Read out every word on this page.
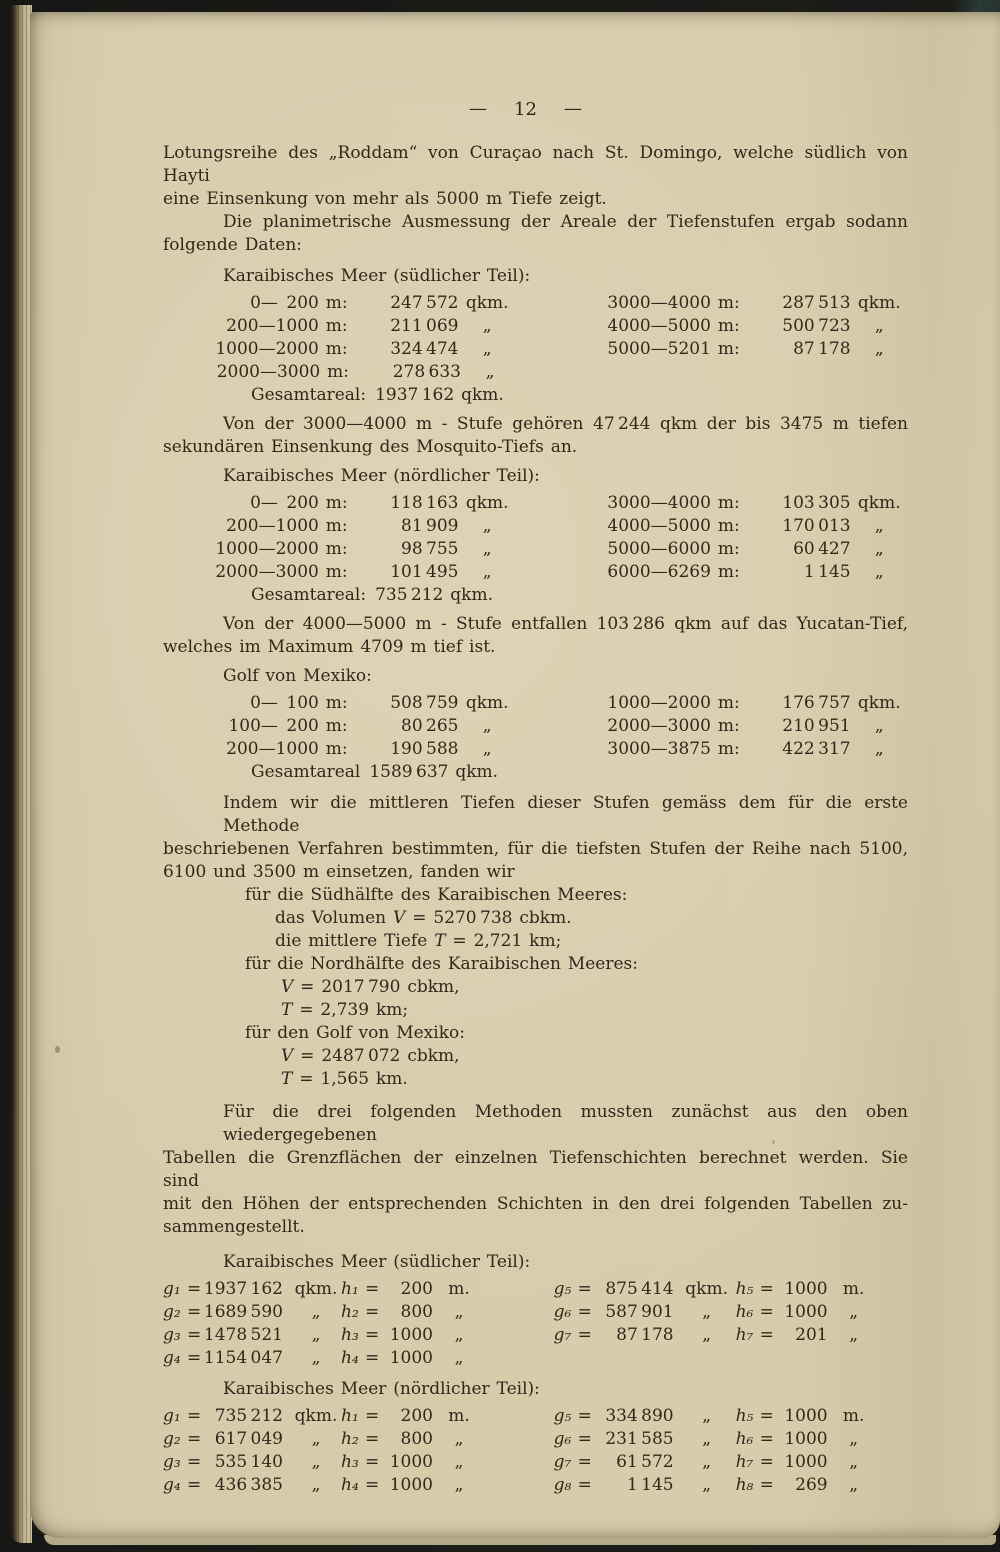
— 12 —

Lotungsreihe des „Roddam“ von Curaçao nach St. Domingo, welche südlich von Hayti
eine Einsenkung von mehr als 5000 m Tiefe zeigt.

Die planimetrische Ausmessung der Areale der Tiefenstufen ergab sodann
folgende Daten:

Karaibisches Meer (südlicher Teil):
0— 200 m:	247 572 qkm.	3000—4000 m:	287 513 qkm.
200—1000 m:	211 069	„	4000—5000 m:	500 723	„
1000—2000 m:	324 474	„	5000—5201 m:	87 178	„
2000—3000 m:	278 633	„
Gesamtareal: 1937 162 qkm.

Von der 3000—4000 m - Stufe gehören 47 244 qkm der bis 3475 m tiefen
sekundären Einsenkung des Mosquito-Tiefs an.

Karaibisches Meer (nördlicher Teil):
0— 200 m:	118 163 qkm.	3000—4000 m:	103 305 qkm.
200—1000 m:	81 909	„	4000—5000 m:	170 013	„
1000—2000 m:	98 755	„	5000—6000 m:	60 427	„
2000—3000 m:	101 495	„	6000—6269 m:	1 145	„
Gesamtareal: 735 212 qkm.

Von der 4000—5000 m - Stufe entfallen 103 286 qkm auf das Yucatan-Tief,
welches im Maximum 4709 m tief ist.

Golf von Mexiko:
0— 100 m:	508 759 qkm.	1000—2000 m:	176 757 qkm.
100— 200 m:	80 265	„	2000—3000 m:	210 951	„
200—1000 m:	190 588	„	3000—3875 m:	422 317	„
Gesamtareal 1589 637 qkm.

Indem wir die mittleren Tiefen dieser Stufen gemäss dem für die erste Methode
beschriebenen Verfahren bestimmten, für die tiefsten Stufen der Reihe nach 5100,
6100 und 3500 m einsetzen, fanden wir

für die Südhälfte des Karaibischen Meeres:
das Volumen V = 5270 738 cbkm.
die mittlere Tiefe T = 2,721 km;
für die Nordhälfte des Karaibischen Meeres:
V = 2017 790 cbkm,
T = 2,739 km;
für den Golf von Mexiko:
V = 2487 072 cbkm,
T = 1,565 km.

Für die drei folgenden Methoden mussten zunächst aus den oben wiedergegebenen
Tabellen die Grenzflächen der einzelnen Tiefenschichten berechnet werden. Sie sind
mit den Höhen der entsprechenden Schichten in den drei folgenden Tabellen zu-
sammengestellt.

Karaibisches Meer (südlicher Teil):
g₁ = 1937 162 qkm. h₁ =	200 m.	g₅ = 875 414 qkm. h₅ = 1000 m.
g₂ = 1689 590	„	h₂ =	800	„	g₆ = 587 901	„	h₆ = 1000	„
g₃ = 1478 521	„	h₃ = 1000	„	g₇ =	87 178	„	h₇ =	201	„
g₄ = 1154 047	„	h₄ = 1000	„
Karaibisches Meer (nördlicher Teil):
g₁ = 735 212 qkm. h₁ =	200 m.	g₅ = 334 890	„	h₅ = 1000 m.
g₂ = 617 049	„	h₂ =	800	„	g₆ = 231 585	„	h₆ = 1000	„
g₃ = 535 140	„	h₃ = 1000	„	g₇ =	61 572	„	h₇ = 1000	„
g₄ = 436 385	„	h₄ = 1000	„	g₈ =	1 145	„	h₈ =	269	„
